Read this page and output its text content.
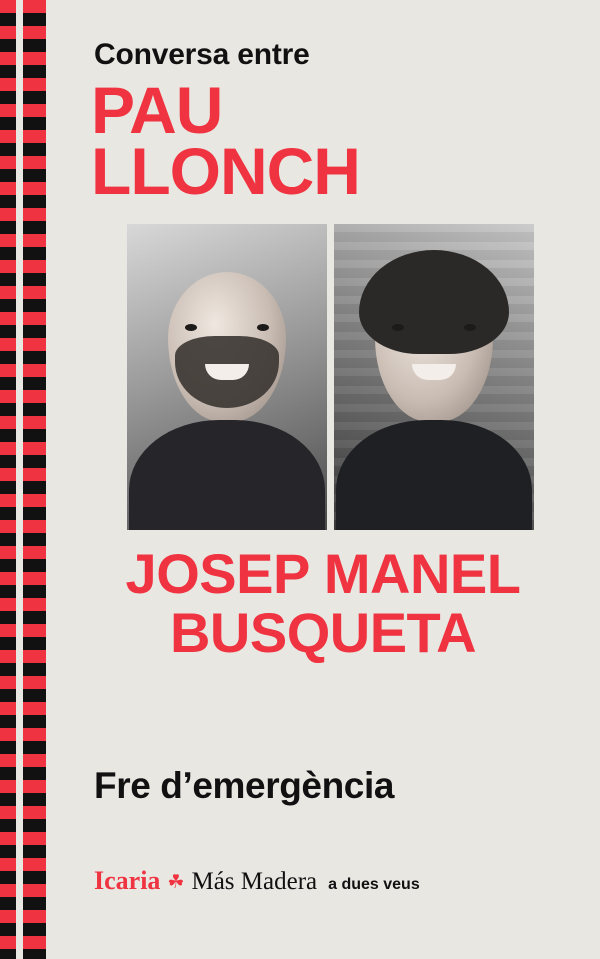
Conversa entre
PAU
LLONCH
JOSEP MANEL
BUSQUETA
Fre d’emergència
Icaria ☘ Más Madera a dues veus
